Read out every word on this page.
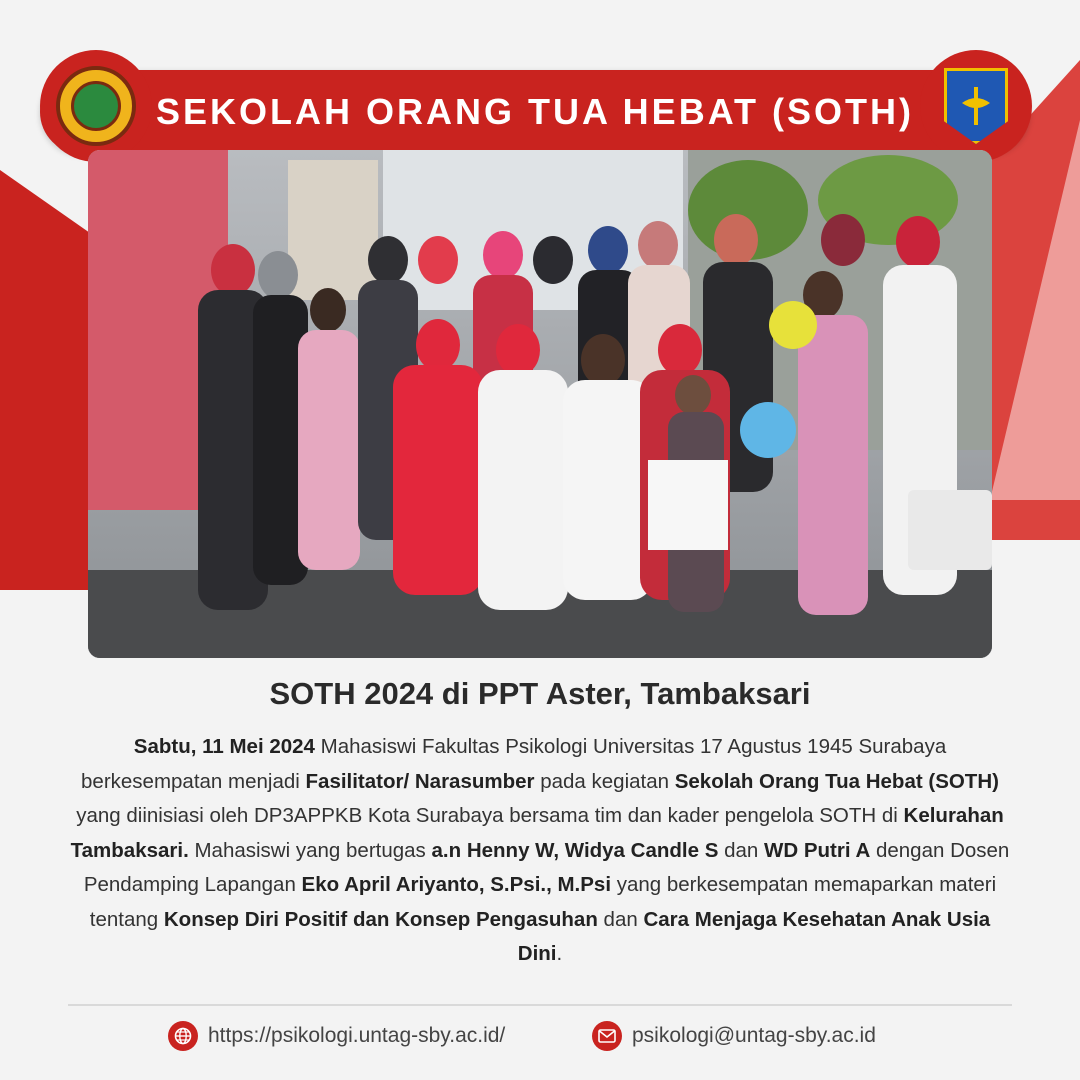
SEKOLAH ORANG TUA HEBAT (SOTH)
SOTH 2024 di PPT Aster, Tambaksari
Sabtu, 11 Mei 2024 Mahasiswi Fakultas Psikologi Universitas 17 Agustus 1945 Surabaya berkesempatan menjadi Fasilitator/ Narasumber pada kegiatan Sekolah Orang Tua Hebat (SOTH) yang diinisiasi oleh DP3APPKB Kota Surabaya bersama tim dan kader pengelola SOTH di Kelurahan Tambaksari. Mahasiswi yang bertugas a.n Henny W, Widya Candle S dan WD Putri A dengan Dosen Pendamping Lapangan Eko April Ariyanto, S.Psi., M.Psi yang berkesempatan memaparkan materi tentang Konsep Diri Positif dan Konsep Pengasuhan dan Cara Menjaga Kesehatan Anak Usia Dini.
https://psikologi.untag-sby.ac.id/	psikologi@untag-sby.ac.id
